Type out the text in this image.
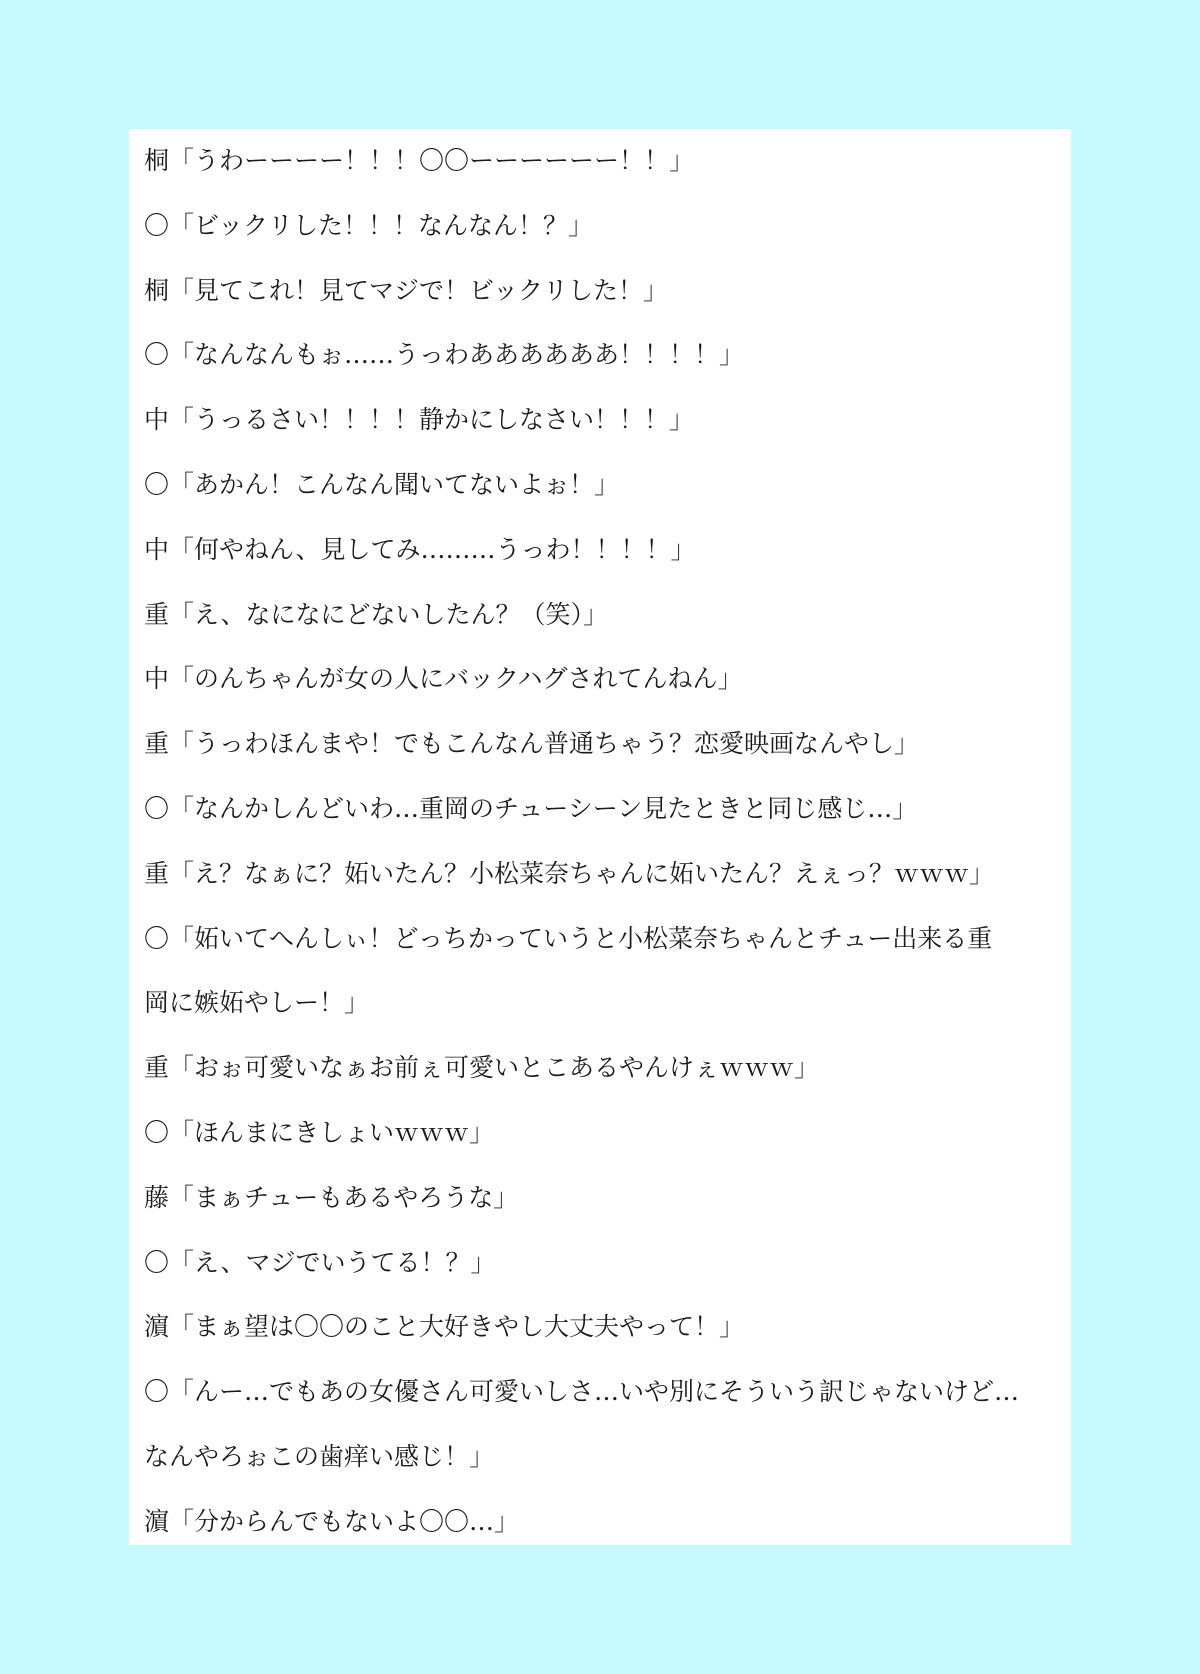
桐「うわーーーー！！！〇〇ーーーーーー！！」
〇「ビックリした！！！なんなん！？」
桐「見てこれ！見てマジで！ビックリした！」
〇「なんなんもぉ……うっわああああああ！！！！」
中「うっるさい！！！！静かにしなさい！！！」
〇「あかん！こんなん聞いてないよぉ！」
中「何やねん、見してみ………うっわ！！！！」
重「え、なになにどないしたん？（笑）」
中「のんちゃんが女の人にバックハグされてんねん」
重「うっわほんまや！でもこんなん普通ちゃう？恋愛映画なんやし」
〇「なんかしんどいわ…重岡のチューシーン見たときと同じ感じ…」
重「え？なぁに？妬いたん？小松菜奈ちゃんに妬いたん？えぇっ？ｗｗｗ」
〇「妬いてへんしぃ！どっちかっていうと小松菜奈ちゃんとチュー出来る重
岡に嫉妬やしー！」
重「おぉ可愛いなぁお前ぇ可愛いとこあるやんけぇｗｗｗ」
〇「ほんまにきしょいｗｗｗ」
藤「まぁチューもあるやろうな」
〇「え、マジでいうてる！？」
濵「まぁ望は〇〇のこと大好きやし大丈夫やって！」
〇「んー…でもあの女優さん可愛いしさ…いや別にそういう訳じゃないけど…
なんやろぉこの歯痒い感じ！」
濵「分からんでもないよ〇〇…」
